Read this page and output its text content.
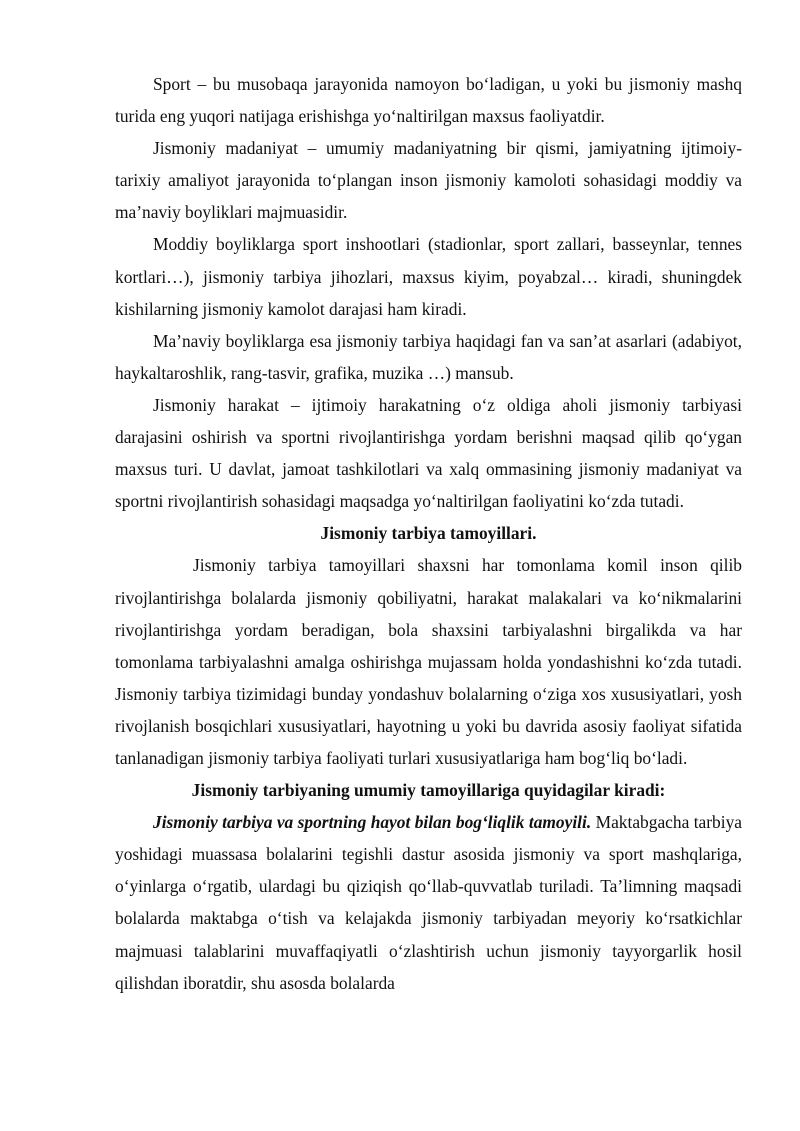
Sport – bu musobaqa jarayonida namoyon bo‘ladigan, u yoki bu jismoniy mashq turida eng yuqori natijaga erishishga yo‘naltirilgan maxsus faoliyatdir.

Jismoniy madaniyat – umumiy madaniyatning bir qismi, jamiyatning ijtimoiy-tarixiy amaliyot jarayonida to‘plangan inson jismoniy kamoloti sohasidagi moddiy va ma’naviy boyliklari majmuasidir.

Moddiy boyliklarga sport inshootlari (stadionlar, sport zallari, basseynlar, tennes kortlari…), jismoniy tarbiya jihozlari, maxsus kiyim, poyabzal… kiradi, shuningdek kishilarning jismoniy kamolot darajasi ham kiradi.

Ma’naviy boyliklarga esa jismoniy tarbiya haqidagi fan va san’at asarlari (adabiyot, haykaltaroshlik, rang-tasvir, grafika, muzika …) mansub.

Jismoniy harakat – ijtimoiy harakatning o‘z oldiga aholi jismoniy tarbiyasi darajasini oshirish va sportni rivojlantirishga yordam berishni maqsad qilib qo‘ygan maxsus turi. U davlat, jamoat tashkilotlari va xalq ommasining jismoniy madaniyat va sportni rivojlantirish sohasidagi maqsadga yo‘naltirilgan faoliyatini ko‘zda tutadi.

Jismoniy tarbiya tamoyillari.

Jismoniy tarbiya tamoyillari shaxsni har tomonlama komil inson qilib rivojlantirishga bolalarda jismoniy qobiliyatni, harakat malakalari va ko‘nikmalarini rivojlantirishga yordam beradigan, bola shaxsini tarbiyalashni birgalikda va har tomonlama tarbiyalashni amalga oshirishga mujassam holda yondashishni ko‘zda tutadi. Jismoniy tarbiya tizimidagi bunday yondashuv bolalarning o‘ziga xos xususiyatlari, yosh rivojlanish bosqichlari xususiyatlari, hayotning u yoki bu davrida asosiy faoliyat sifatida tanlanadigan jismoniy tarbiya faoliyati turlari xususiyatlariga ham bog‘liq bo‘ladi.

Jismoniy tarbiyaning umumiy tamoyillariga quyidagilar kiradi:

Jismoniy tarbiya va sportning hayot bilan bog‘liqlik tamoyili. Maktabgacha tarbiya yoshidagi muassasa bolalarini tegishli dastur asosida jismoniy va sport mashqlariga, o‘yinlarga o‘rgatib, ulardagi bu qiziqish qo‘llab-quvvatlab turiladi. Ta’limning maqsadi bolalarda maktabga o‘tish va kelajakda jismoniy tarbiyadan meyoriy ko‘rsatkichlar majmuasi talablarini muvaffaqiyatli o‘zlashtirish uchun jismoniy tayyorgarlik hosil qilishdan iboratdir, shu asosda bolalarda
